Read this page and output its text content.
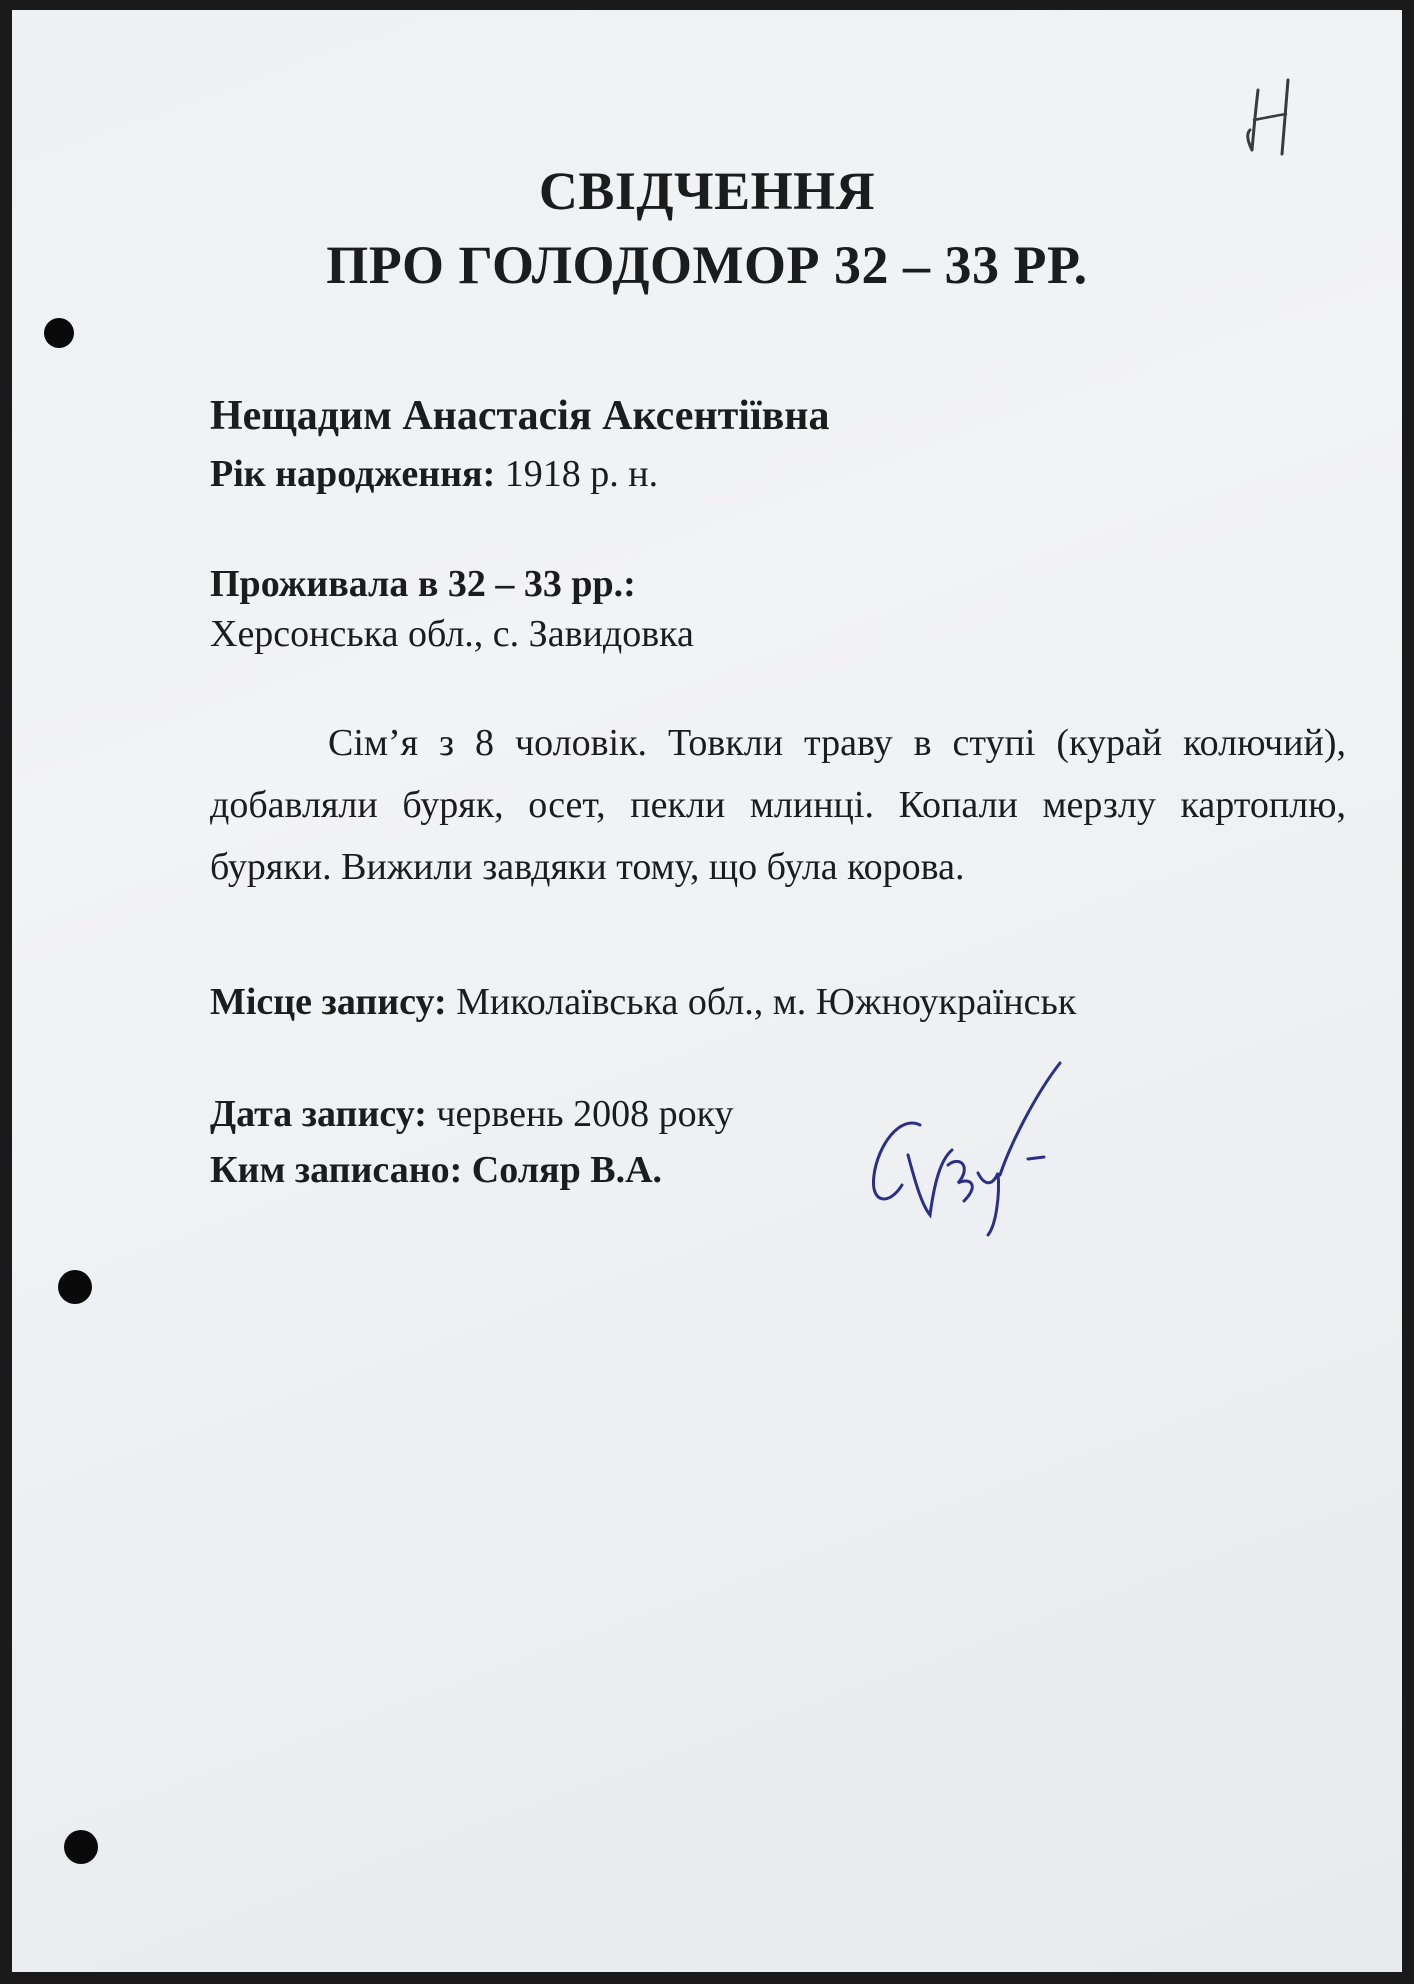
СВІДЧЕННЯ
ПРО ГОЛОДОМОР 32 – 33 РР.
Нещадим Анастасія Аксентіївна
Рік народження: 1918 р. н.
Проживала в 32 – 33 рр.:
Херсонська обл., с. Завидовка

Сім’я з 8 чоловік. Товкли траву в ступі (курай колючий), добавляли буряк, осет, пекли млинці. Копали мерзлу картоплю, буряки. Вижили завдяки тому, що була корова.

Місце запису: Миколаївська обл., м. Южноукраїнськ
Дата запису: червень 2008 року
Ким записано: Соляр В.А.
